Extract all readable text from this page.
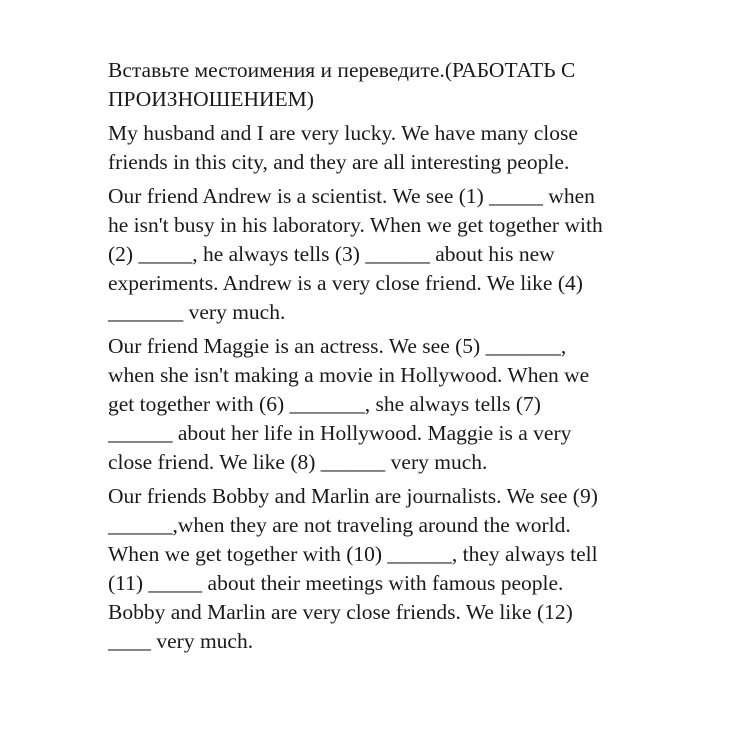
Вставьте местоимения и переведите.(РАБОТАТЬ С
ПРОИЗНОШЕНИЕМ)
My husband and I are very lucky. We have many close
friends in this city, and they are all interesting people.
Our friend Andrew is a scientist. We see (1) _____ when
he isn't busy in his laboratory. When we get together with
(2) _____, he always tells (3) ______ about his new
experiments. Andrew is a very close friend. We like (4)
_______ very much.
Our friend Maggie is an actress. We see (5) _______,
when she isn't making a movie in Hollywood. When we
get together with (6) _______, she always tells (7)
______ about her life in Hollywood. Maggie is a very
close friend. We like (8) ______ very much.
Our friends Bobby and Marlin are journalists. We see (9)
______,when they are not traveling around the world.
When we get together with (10) ______, they always tell
(11) _____ about their meetings with famous people.
Bobby and Marlin are very close friends. We like (12)
____ very much.
